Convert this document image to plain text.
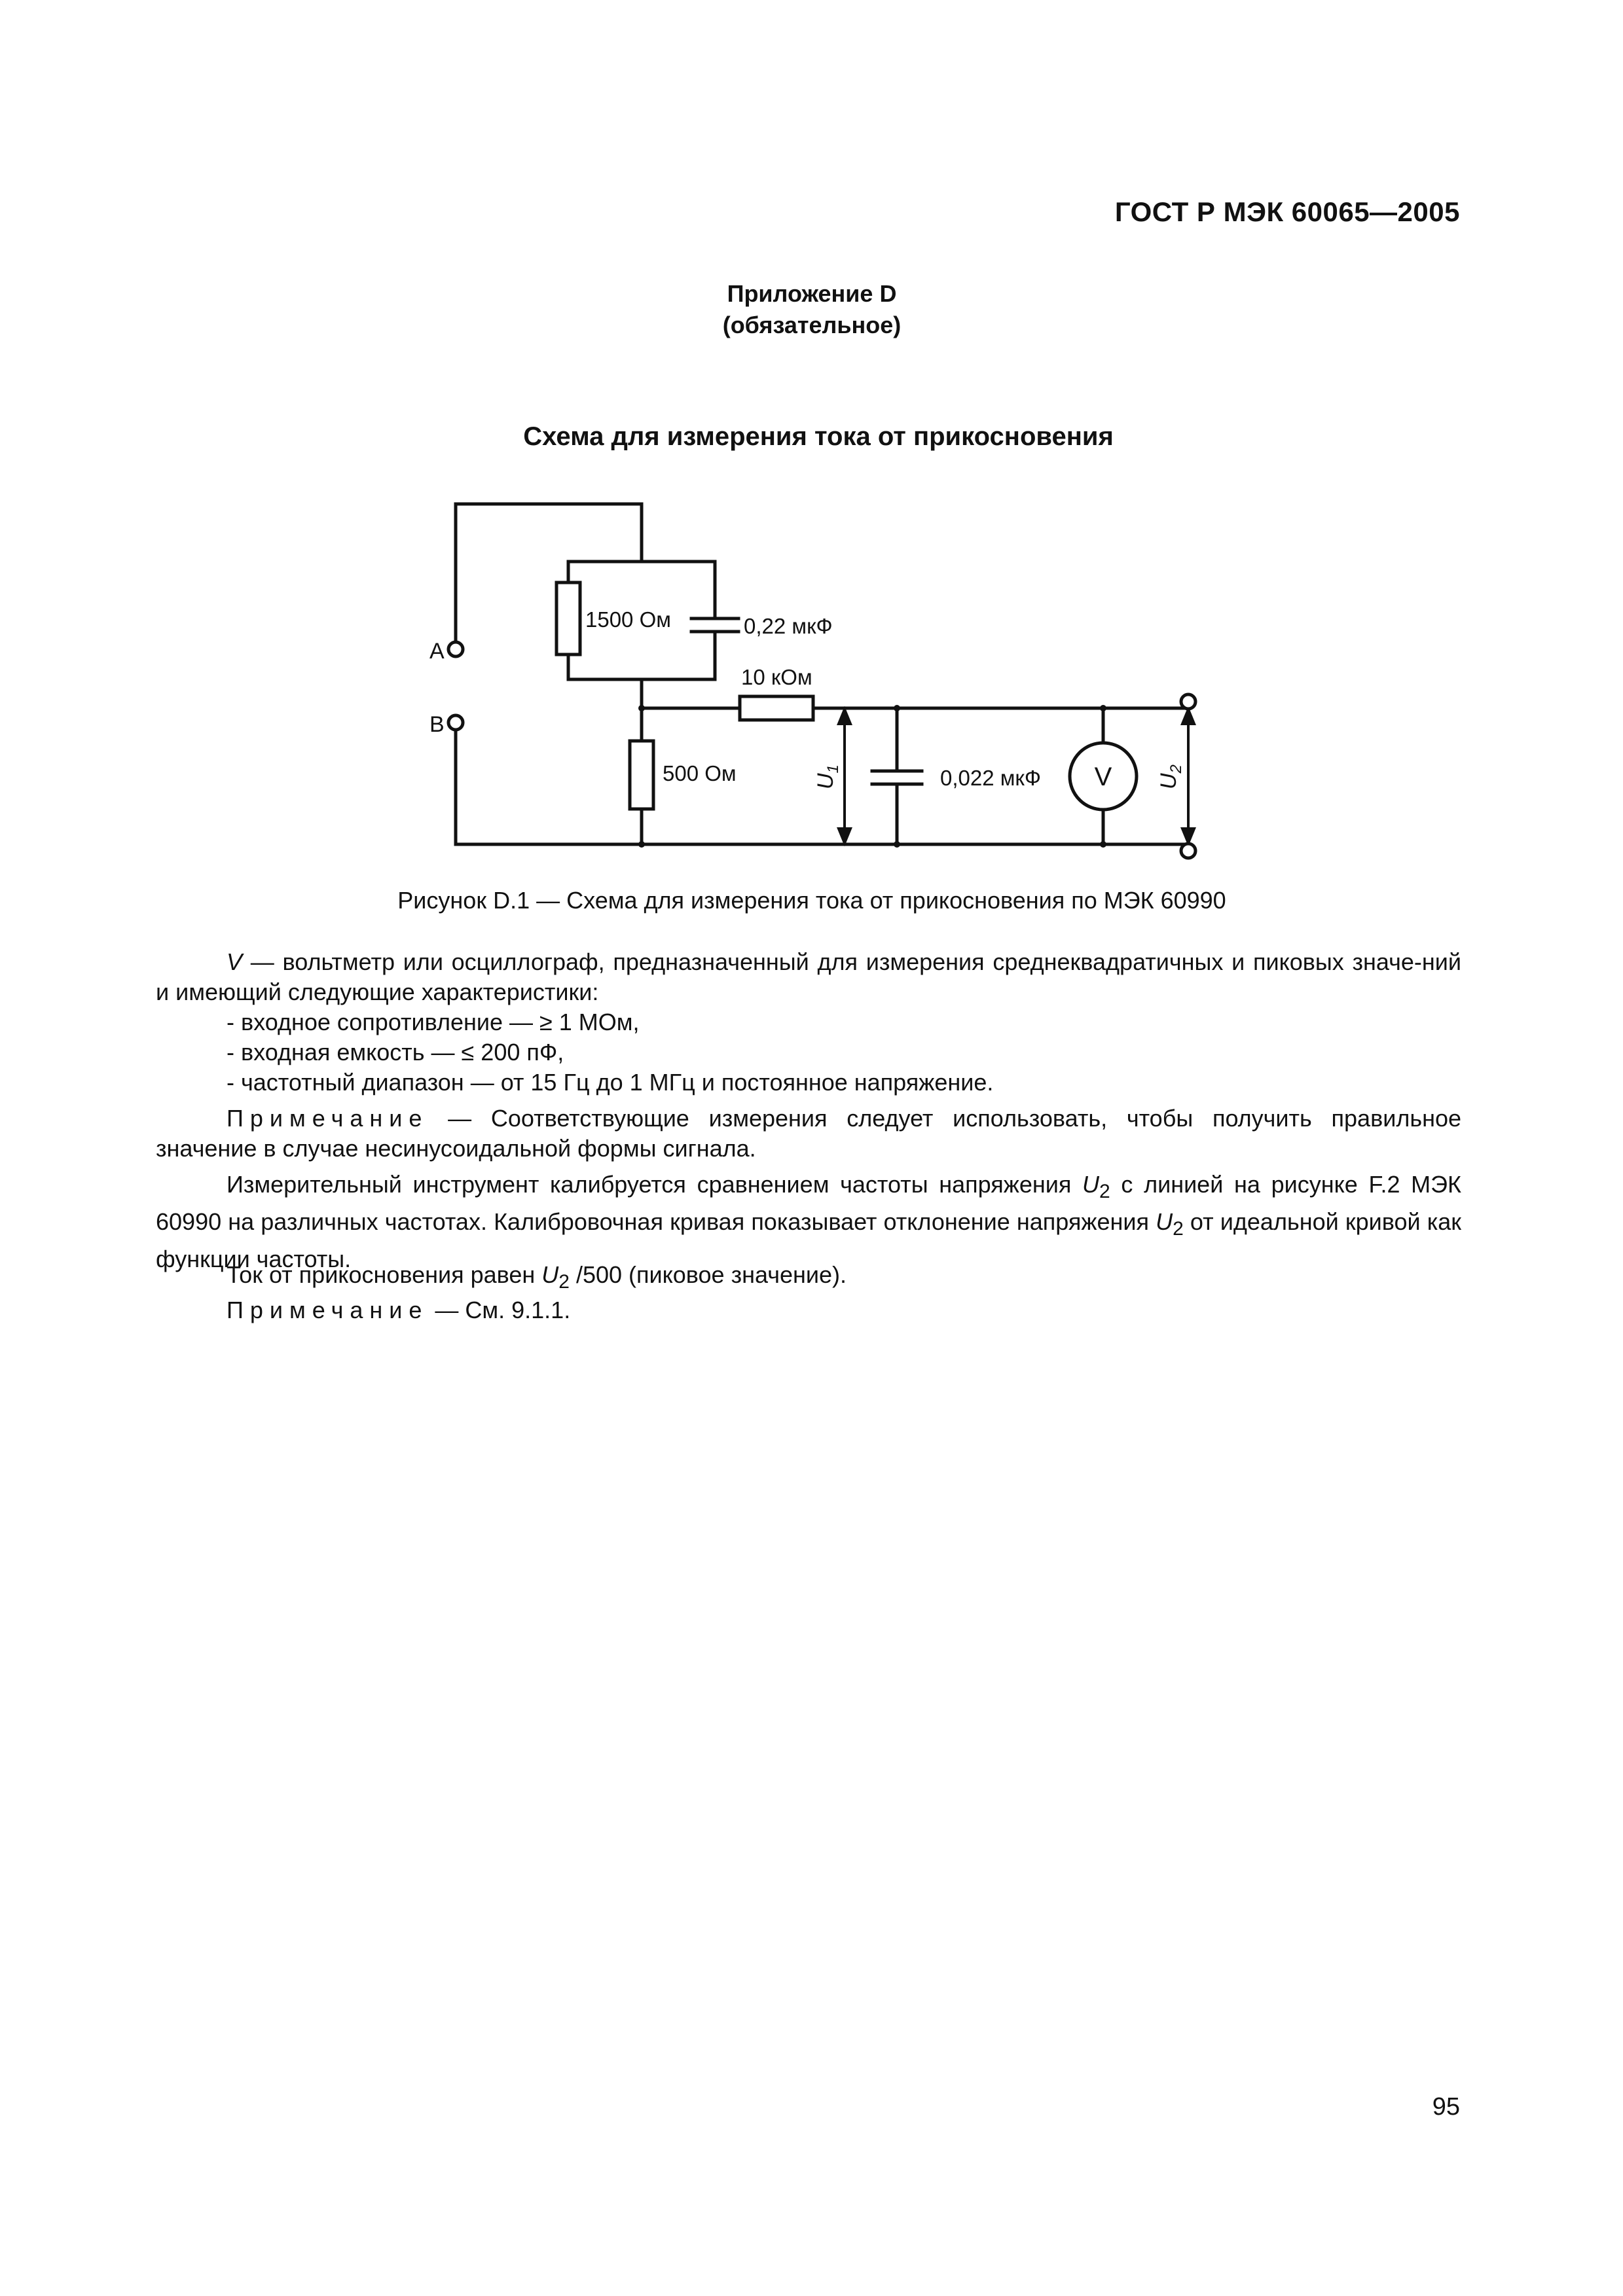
ГОСТ Р МЭК 60065—2005
Приложение D
(обязательное)
Схема для измерения тока от прикосновения
A
B
1500 Ом	0,22 мкФ
10 кОм
500 Ом	0,022 мкФ V
$U_1$
$U_2$
Рисунок D.1 — Схема для измерения тока от прикосновения по МЭК 60990
V — вольтметр или осциллограф, предназначенный для измерения среднеквадратичных и пиковых значе-ний и имеющий следующие характеристики:
- входное сопротивление — ≥ 1 МОм,
- входная емкость — ≤ 200 пФ,
- частотный диапазон — от 15 Гц до 1 МГц и постоянное напряжение.
Примечание — Соответствующие измерения следует использовать, чтобы получить правильное значение в случае несинусоидальной формы сигнала.
Измерительный инструмент калибруется сравнением частоты напряжения $U_2$ с линией на рисунке F.2 МЭК 60990 на различных частотах. Калибровочная кривая показывает отклонение напряжения $U_2$ от идеальной кривой как функции частоты.
Ток от прикосновения равен $U_2$ /500 (пиковое значение).
Примечание — См. 9.1.1.
95
